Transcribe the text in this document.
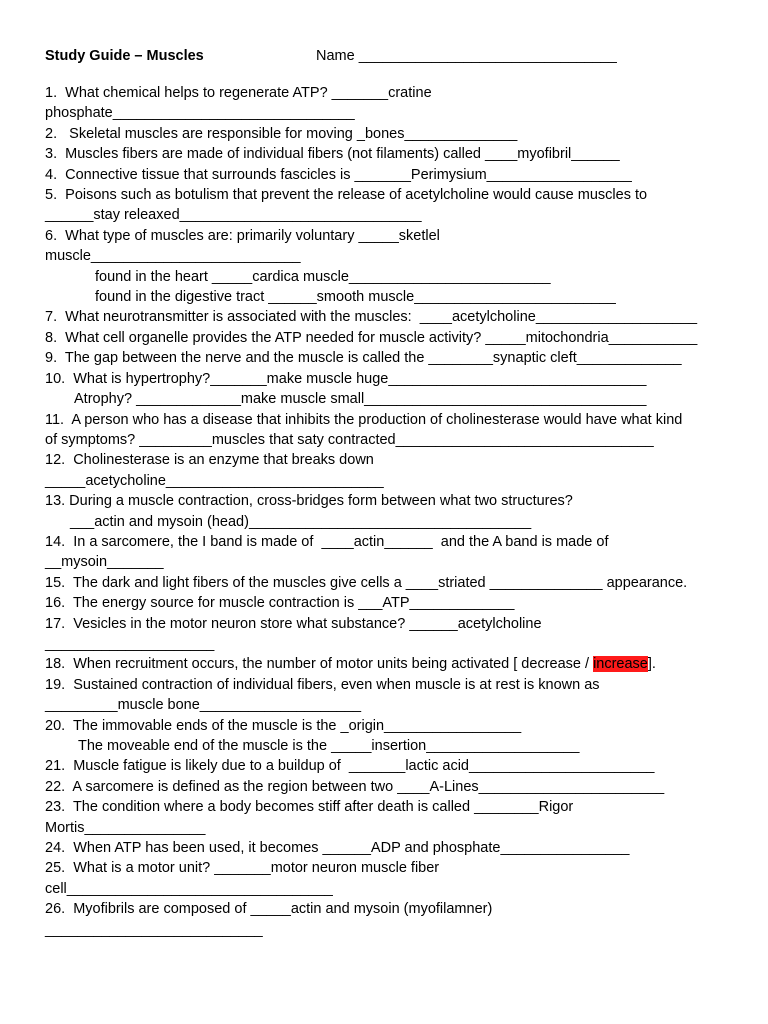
Study Guide – Muscles	Name ________________________________
1.  What chemical helps to regenerate ATP? _______cratine
phosphate______________________________
2.   Skeletal muscles are responsible for moving _bones______________
3.  Muscles fibers are made of individual fibers (not filaments) called ____myofibril______
4.  Connective tissue that surrounds fascicles is _______Perimysium__________________
5.  Poisons such as botulism that prevent the release of acetylcholine would cause muscles to
______stay releaxed______________________________
6.  What type of muscles are: primarily voluntary _____sketlel
muscle__________________________
found in the heart _____cardica muscle_________________________
found in the digestive tract ______smooth muscle_________________________
7.  What neurotransmitter is associated with the muscles:  ____acetylcholine____________________
8.  What cell organelle provides the ATP needed for muscle activity? _____mitochondria___________
9.  The gap between the nerve and the muscle is called the ________synaptic cleft_____________
10.  What is hypertrophy?_______make muscle huge________________________________
Atrophy? _____________make muscle small___________________________________
11.  A person who has a disease that inhibits the production of cholinesterase would have what kind
of symptoms? _________muscles that saty contracted________________________________
12.  Cholinesterase is an enzyme that breaks down
_____acetycholine___________________________
13. During a muscle contraction, cross-bridges form between what two structures?
___actin and mysoin (head)___________________________________
14.  In a sarcomere, the I band is made of  ____actin______  and the A band is made of
__mysoin_______
15.  The dark and light fibers of the muscles give cells a ____striated ______________ appearance.
16.  The energy source for muscle contraction is ___ATP_____________
17.  Vesicles in the motor neuron store what substance? ______acetylcholine
_____________________
18.  When recruitment occurs, the number of motor units being activated [ decrease / increase].
19.  Sustained contraction of individual fibers, even when muscle is at rest is known as
_________muscle bone____________________
20.  The immovable ends of the muscle is the _origin_________________
The moveable end of the muscle is the _____insertion___________________
21.  Muscle fatigue is likely due to a buildup of  _______lactic acid_______________________
22.  A sarcomere is defined as the region between two ____A-Lines_______________________
23.  The condition where a body becomes stiff after death is called ________Rigor
Mortis_______________
24.  When ATP has been used, it becomes ______ADP and phosphate________________
25.  What is a motor unit? _______motor neuron muscle fiber
cell_________________________________
26.  Myofibrils are composed of _____actin and mysoin (myofilamner)
___________________________
